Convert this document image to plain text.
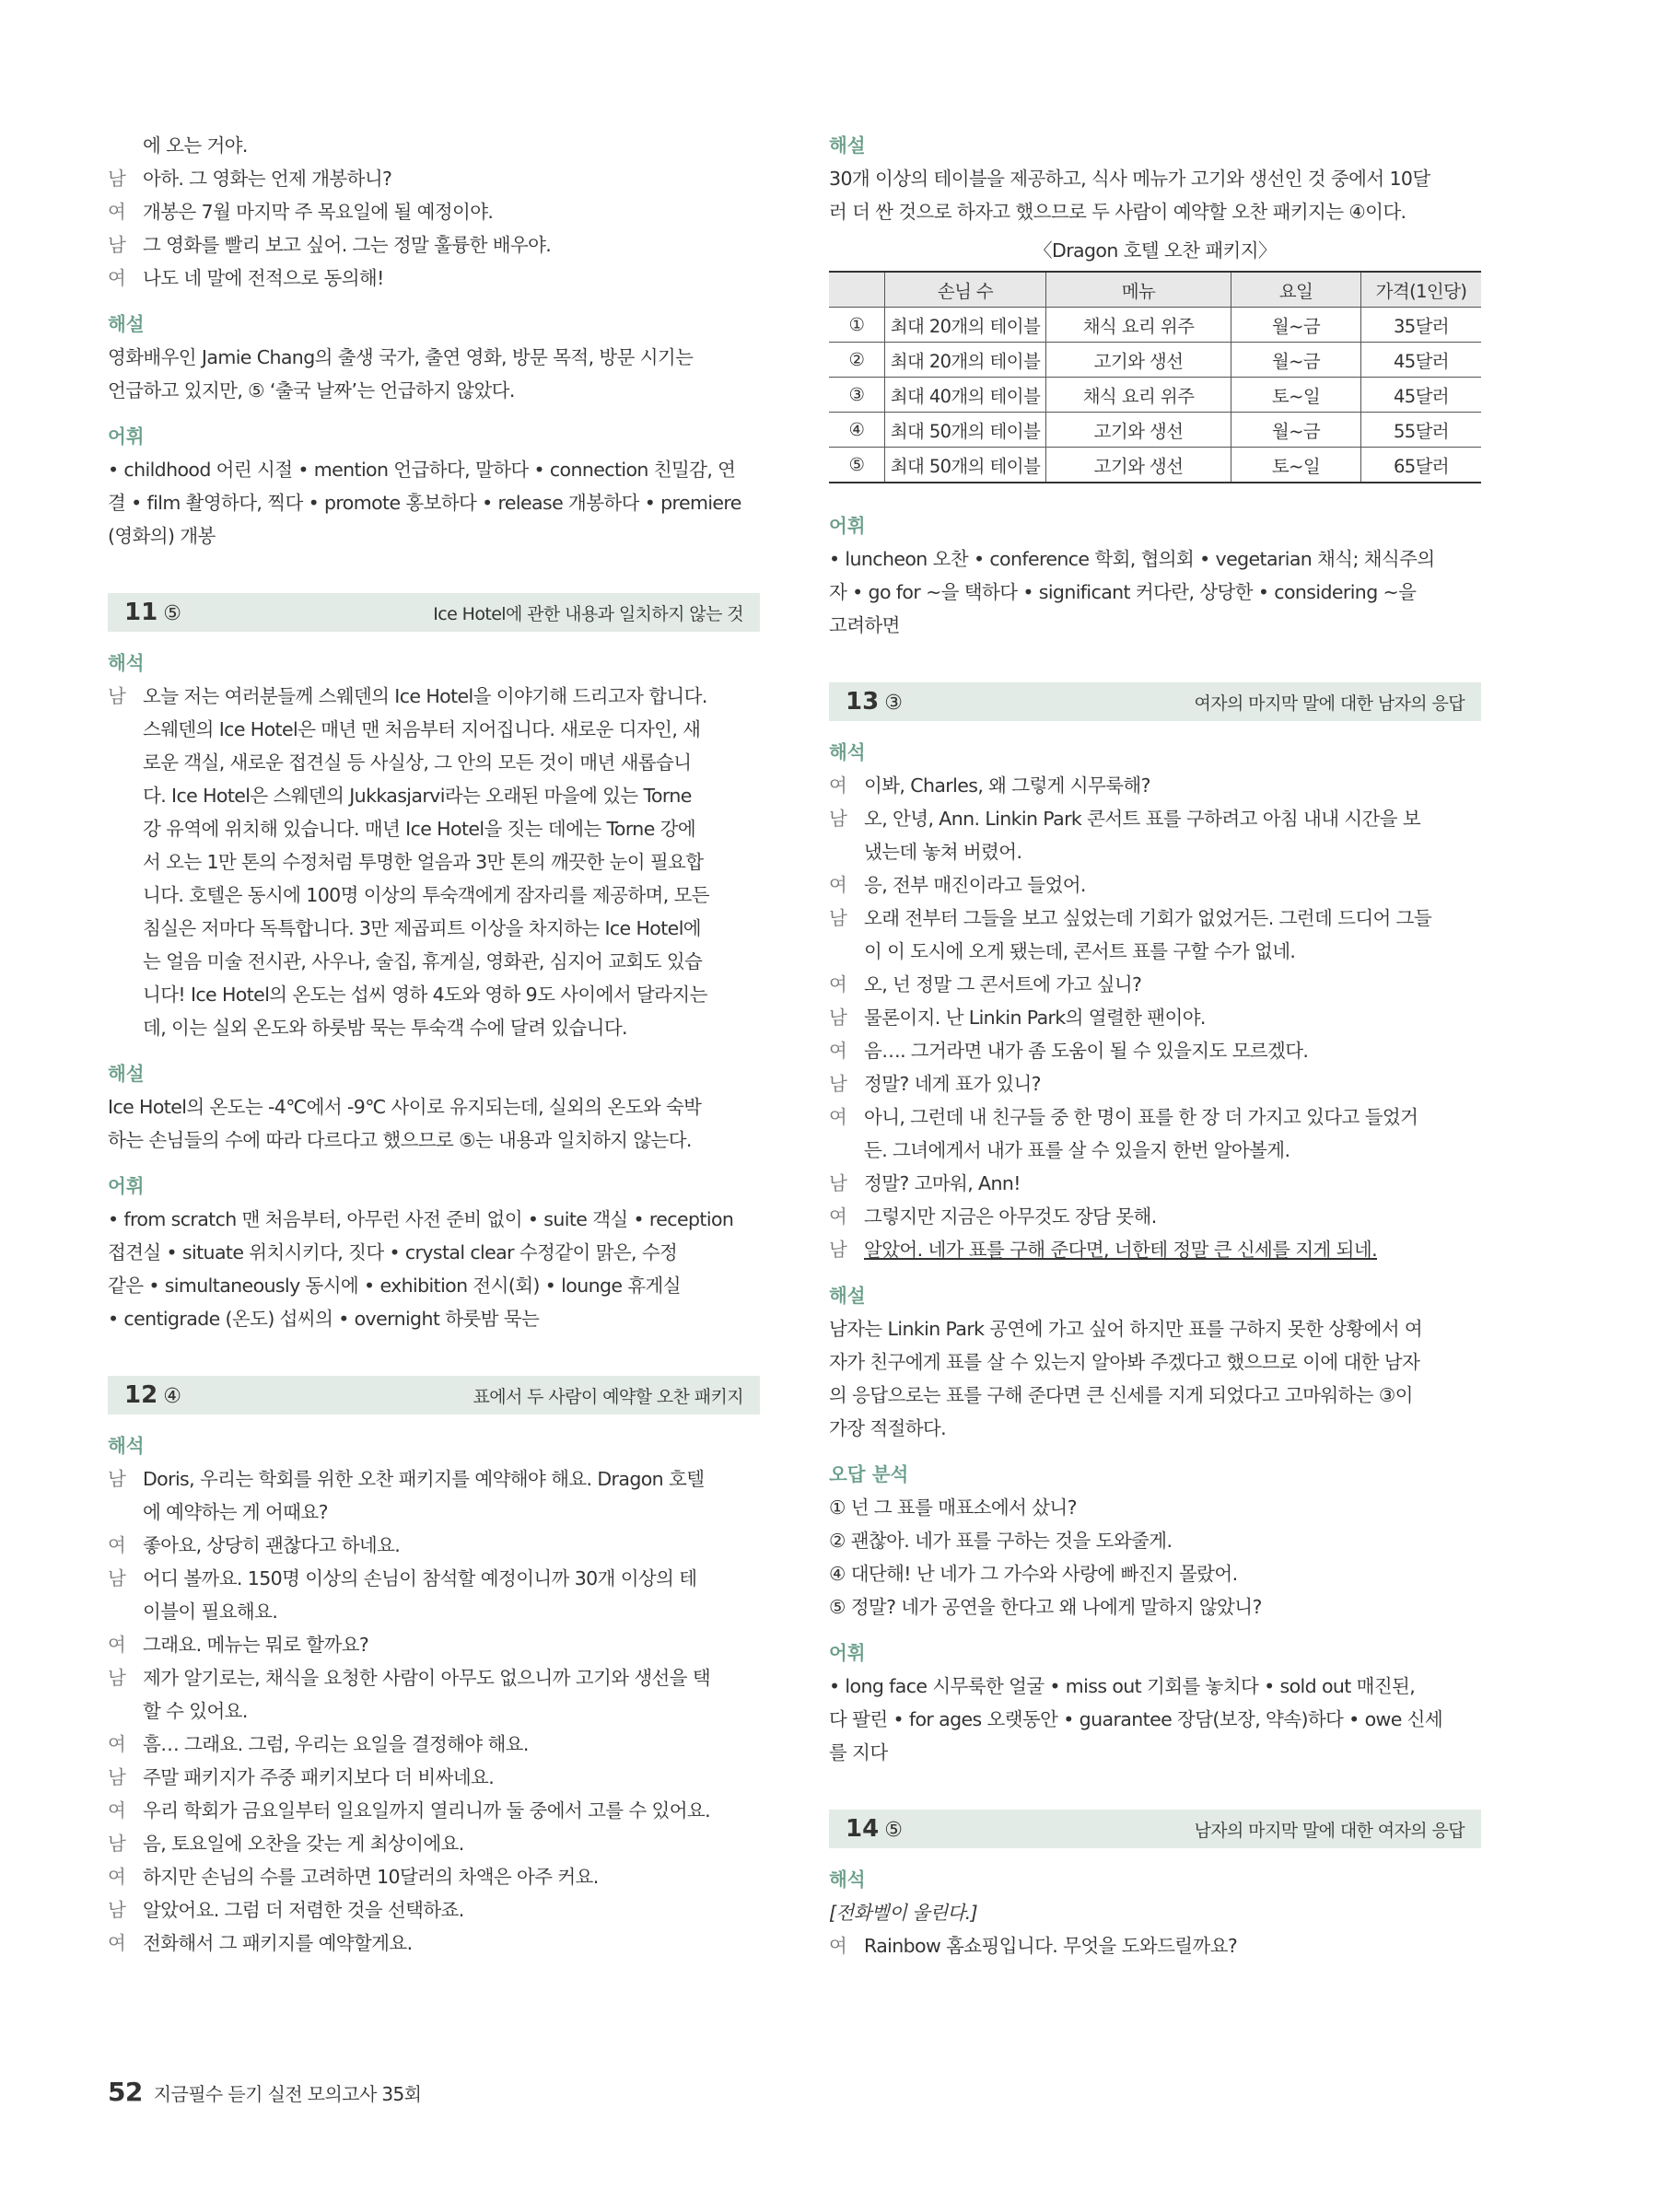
에 오는 거야.
남 아하. 그 영화는 언제 개봉하니?
여 개봉은 7월 마지막 주 목요일에 될 예정이야.
남 그 영화를 빨리 보고 싶어. 그는 정말 훌륭한 배우야.
여 나도 네 말에 전적으로 동의해!
해설
영화배우인 Jamie Chang의 출생 국가, 출연 영화, 방문 목적, 방문 시기는
언급하고 있지만, ⑤ ‘출국 날짜’는 언급하지 않았다.
어휘
• childhood 어린 시절 • mention 언급하다, 말하다 • connection 친밀감, 연
결 • film 촬영하다, 찍다 • promote 홍보하다 • release 개봉하다 • premiere
(영화의) 개봉
11 ⑤	Ice Hotel에 관한 내용과 일치하지 않는 것
해석
남 오늘 저는 여러분들께 스웨덴의 Ice Hotel을 이야기해 드리고자 합니다.
스웨덴의 Ice Hotel은 매년 맨 처음부터 지어집니다. 새로운 디자인, 새
로운 객실, 새로운 접견실 등 사실상, 그 안의 모든 것이 매년 새롭습니
다. Ice Hotel은 스웨덴의 Jukkasjarvi라는 오래된 마을에 있는 Torne
강 유역에 위치해 있습니다. 매년 Ice Hotel을 짓는 데에는 Torne 강에
서 오는 1만 톤의 수정처럼 투명한 얼음과 3만 톤의 깨끗한 눈이 필요합
니다. 호텔은 동시에 100명 이상의 투숙객에게 잠자리를 제공하며, 모든
침실은 저마다 독특합니다. 3만 제곱피트 이상을 차지하는 Ice Hotel에
는 얼음 미술 전시관, 사우나, 술집, 휴게실, 영화관, 심지어 교회도 있습
니다! Ice Hotel의 온도는 섭씨 영하 4도와 영하 9도 사이에서 달라지는
데, 이는 실외 온도와 하룻밤 묵는 투숙객 수에 달려 있습니다.
해설
Ice Hotel의 온도는 -4℃에서 -9℃ 사이로 유지되는데, 실외의 온도와 숙박
하는 손님들의 수에 따라 다르다고 했으므로 ⑤는 내용과 일치하지 않는다.
어휘
• from scratch 맨 처음부터, 아무런 사전 준비 없이 • suite 객실 • reception
접견실 • situate 위치시키다, 짓다 • crystal clear 수정같이 맑은, 수정
같은 • simultaneously 동시에 • exhibition 전시(회) • lounge 휴게실
• centigrade (온도) 섭씨의 • overnight 하룻밤 묵는
12 ④	표에서 두 사람이 예약할 오찬 패키지
해석
남 Doris, 우리는 학회를 위한 오찬 패키지를 예약해야 해요. Dragon 호텔
에 예약하는 게 어때요?
여 좋아요, 상당히 괜찮다고 하네요.
남 어디 볼까요. 150명 이상의 손님이 참석할 예정이니까 30개 이상의 테
이블이 필요해요.
여 그래요. 메뉴는 뭐로 할까요?
남 제가 알기로는, 채식을 요청한 사람이 아무도 없으니까 고기와 생선을 택
할 수 있어요.
여 흠… 그래요. 그럼, 우리는 요일을 결정해야 해요.
남 주말 패키지가 주중 패키지보다 더 비싸네요.
여 우리 학회가 금요일부터 일요일까지 열리니까 둘 중에서 고를 수 있어요.
남 음, 토요일에 오찬을 갖는 게 최상이에요.
여 하지만 손님의 수를 고려하면 10달러의 차액은 아주 커요.
남 알았어요. 그럼 더 저렴한 것을 선택하죠.
여 전화해서 그 패키지를 예약할게요.
해설
30개 이상의 테이블을 제공하고, 식사 메뉴가 고기와 생선인 것 중에서 10달
러 더 싼 것으로 하자고 했으므로 두 사람이 예약할 오찬 패키지는 ④이다.
〈Dragon 호텔 오찬 패키지〉
	손님 수	메뉴	요일	가격(1인당)
①	최대 20개의 테이블	채식 요리 위주	월~금	35달러
②	최대 20개의 테이블	고기와 생선	월~금	45달러
③	최대 40개의 테이블	채식 요리 위주	토~일	45달러
④	최대 50개의 테이블	고기와 생선	월~금	55달러
⑤	최대 50개의 테이블	고기와 생선	토~일	65달러
어휘
• luncheon 오찬 • conference 학회, 협의회 • vegetarian 채식; 채식주의
자 • go for ~을 택하다 • significant 커다란, 상당한 • considering ~을
고려하면
13 ③	여자의 마지막 말에 대한 남자의 응답
해석
여 이봐, Charles, 왜 그렇게 시무룩해?
남 오, 안녕, Ann. Linkin Park 콘서트 표를 구하려고 아침 내내 시간을 보
냈는데 놓쳐 버렸어.
여 응, 전부 매진이라고 들었어.
남 오래 전부터 그들을 보고 싶었는데 기회가 없었거든. 그런데 드디어 그들
이 이 도시에 오게 됐는데, 콘서트 표를 구할 수가 없네.
여 오, 넌 정말 그 콘서트에 가고 싶니?
남 물론이지. 난 Linkin Park의 열렬한 팬이야.
여 음…. 그거라면 내가 좀 도움이 될 수 있을지도 모르겠다.
남 정말? 네게 표가 있니?
여 아니, 그런데 내 친구들 중 한 명이 표를 한 장 더 가지고 있다고 들었거
든. 그녀에게서 내가 표를 살 수 있을지 한번 알아볼게.
남 정말? 고마워, Ann!
여 그렇지만 지금은 아무것도 장담 못해.
남 알았어. 네가 표를 구해 준다면, 너한테 정말 큰 신세를 지게 되네.
해설
남자는 Linkin Park 공연에 가고 싶어 하지만 표를 구하지 못한 상황에서 여
자가 친구에게 표를 살 수 있는지 알아봐 주겠다고 했으므로 이에 대한 남자
의 응답으로는 표를 구해 준다면 큰 신세를 지게 되었다고 고마워하는 ③이
가장 적절하다.
오답 분석
① 넌 그 표를 매표소에서 샀니?
② 괜찮아. 네가 표를 구하는 것을 도와줄게.
④ 대단해! 난 네가 그 가수와 사랑에 빠진지 몰랐어.
⑤ 정말? 네가 공연을 한다고 왜 나에게 말하지 않았니?
어휘
• long face 시무룩한 얼굴 • miss out 기회를 놓치다 • sold out 매진된,
다 팔린 • for ages 오랫동안 • guarantee 장담(보장, 약속)하다 • owe 신세
를 지다
14 ⑤	남자의 마지막 말에 대한 여자의 응답
해석
[전화벨이 울린다.]
여 Rainbow 홈쇼핑입니다. 무엇을 도와드릴까요?
52 지금필수 듣기 실전 모의고사 35회
